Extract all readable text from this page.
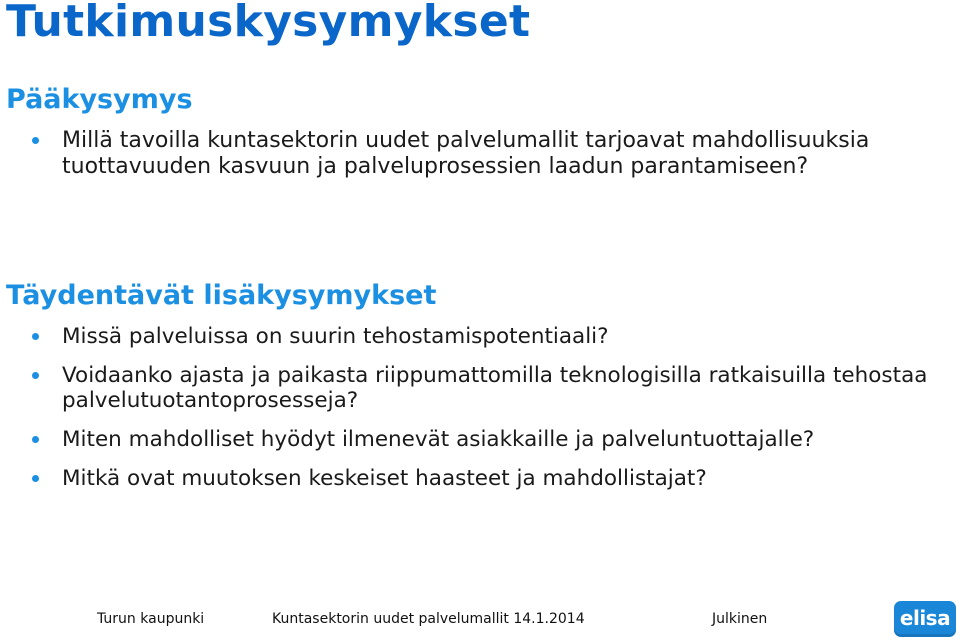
Tutkimuskysymykset
Pääkysymys
Millä tavoilla kuntasektorin uudet palvelumallit tarjoavat mahdollisuuksia tuottavuuden kasvuun ja palveluprosessien laadun parantamiseen?
Täydentävät lisäkysymykset
Missä palveluissa on suurin tehostamispotentiaali?
Voidaanko ajasta ja paikasta riippumattomilla teknologisilla ratkaisuilla tehostaa palvelutuotantoprosesseja?
Miten mahdolliset hyödyt ilmenevät asiakkaille ja palveluntuottajalle?
Mitkä ovat muutoksen keskeiset haasteet ja mahdollistajat?
Turun kaupunki	Kuntasektorin uudet palvelumallit 14.1.2014	Julkinen	elisa
